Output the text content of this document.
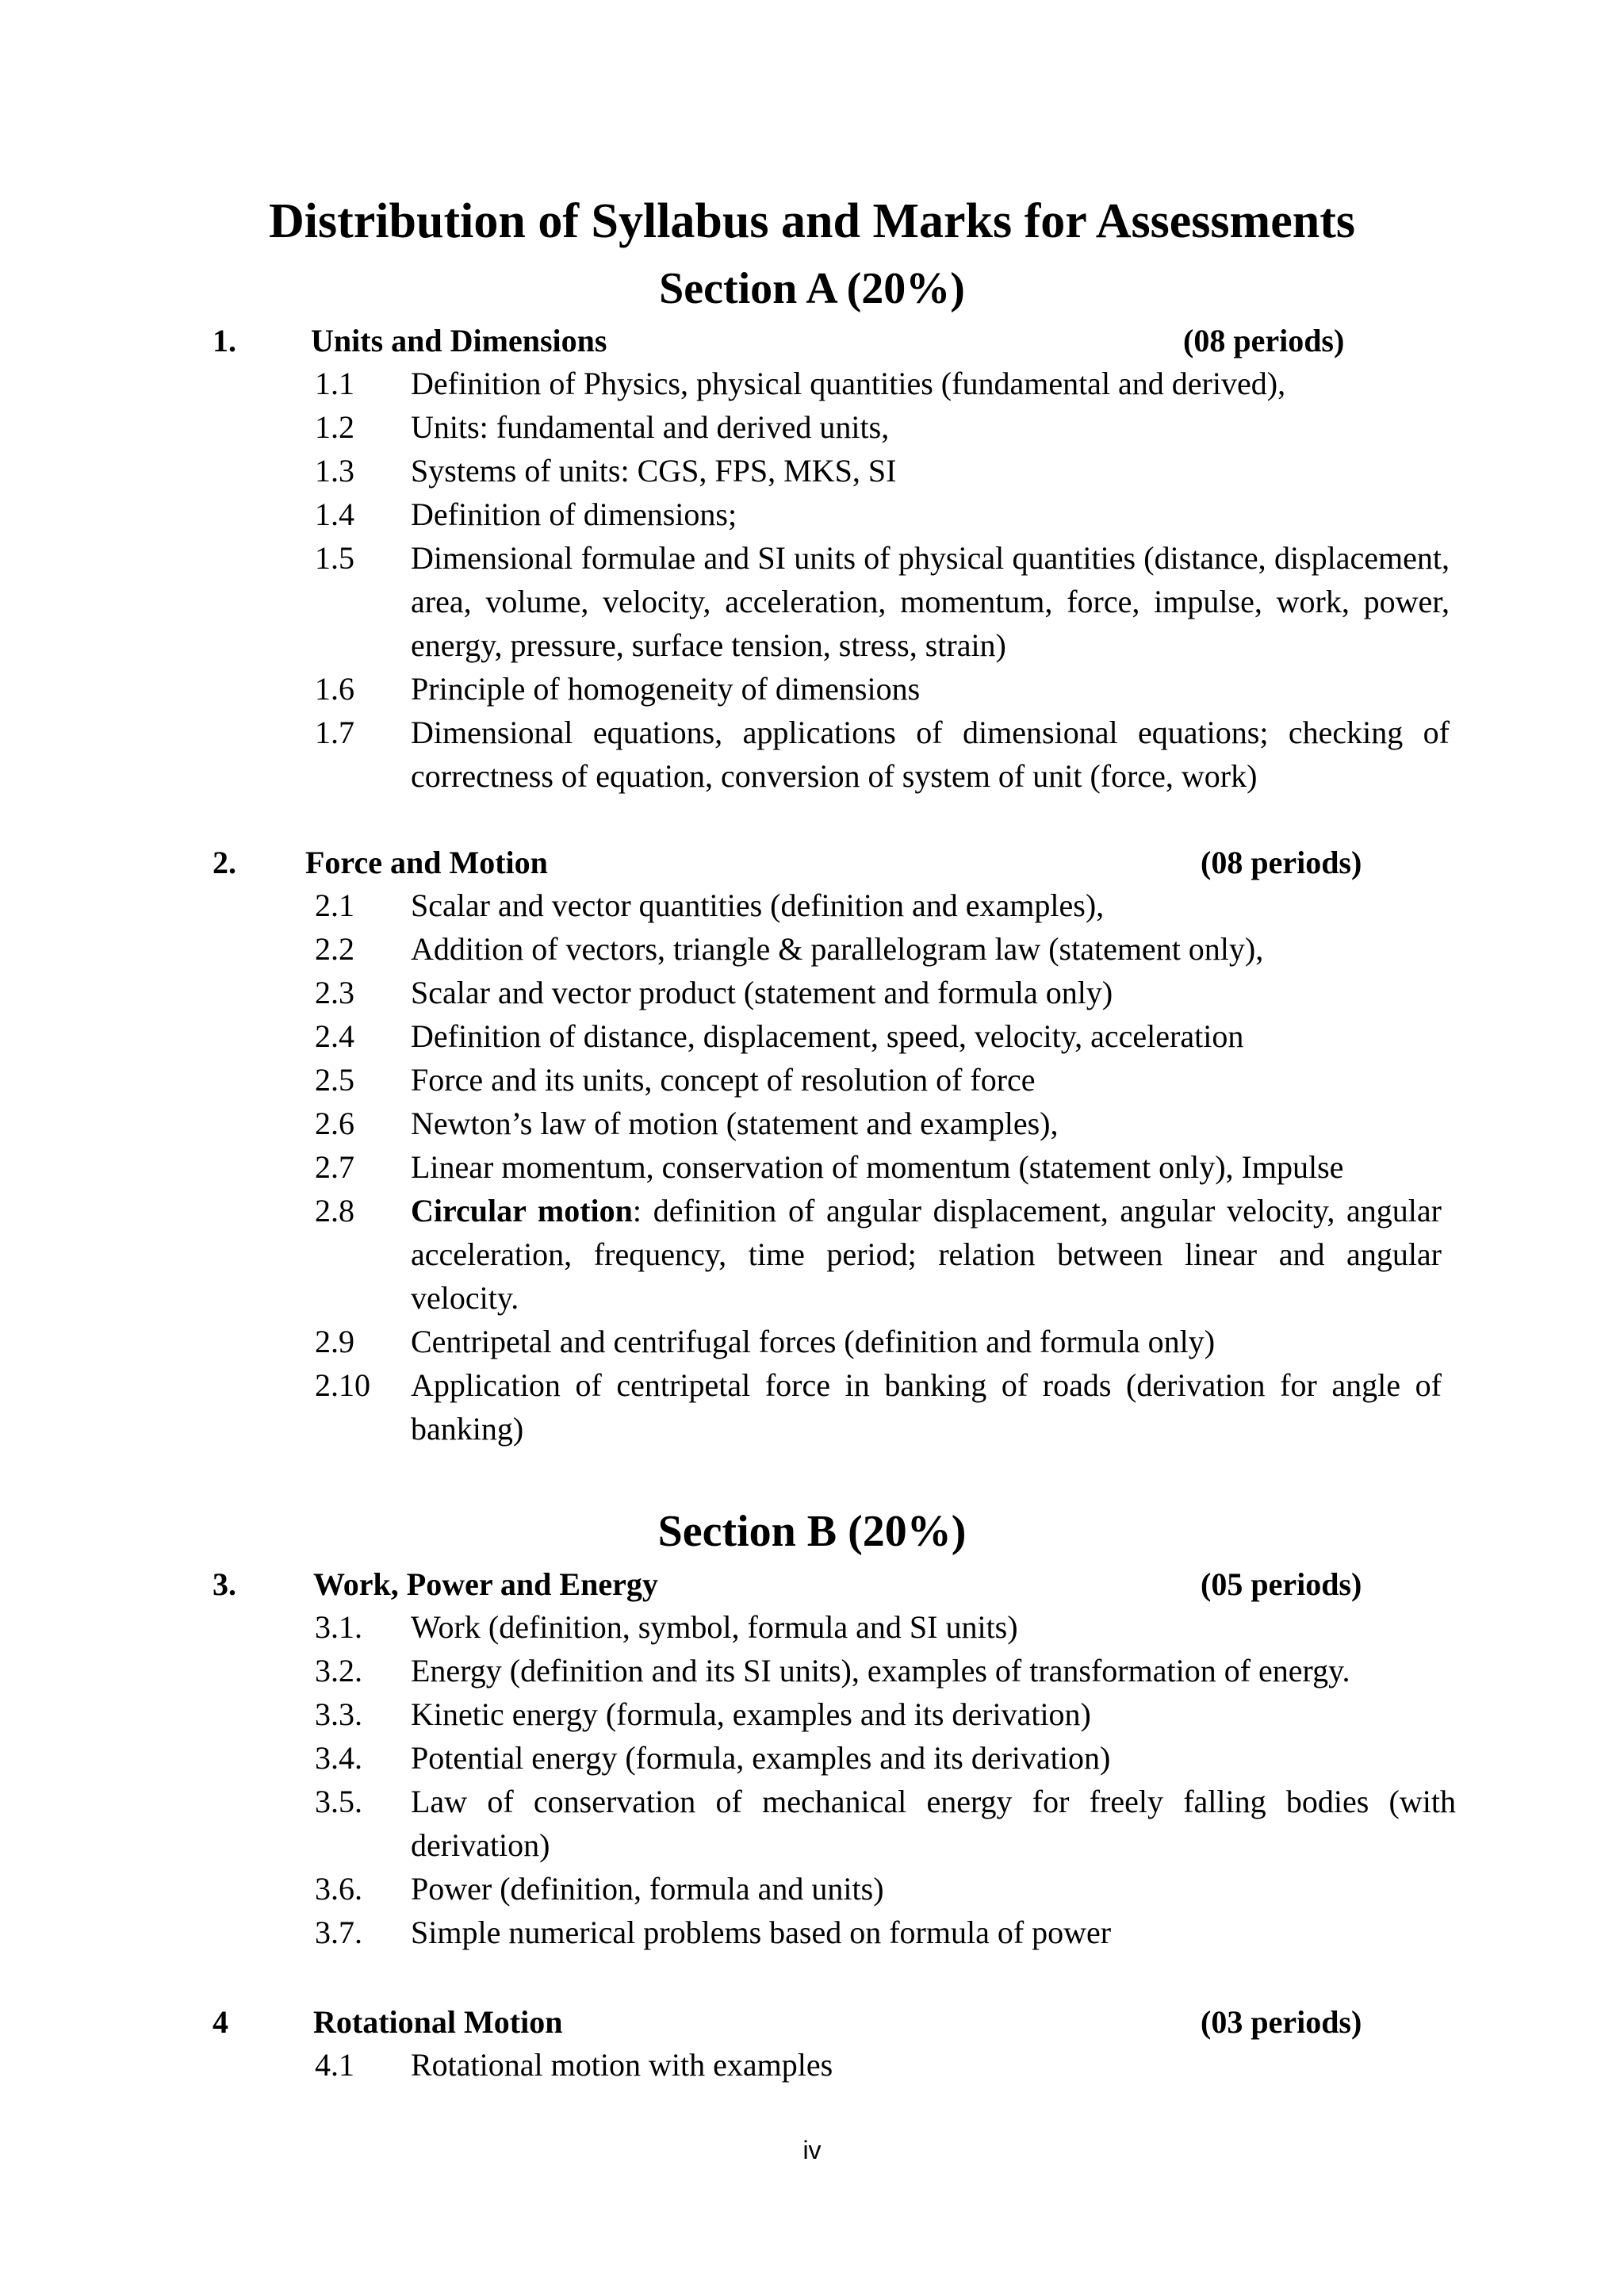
Distribution of Syllabus and Marks for Assessments
Section A (20%)
1. Units and Dimensions	(08 periods)
1.1 Definition of Physics, physical quantities (fundamental and derived),
1.2 Units: fundamental and derived units,
1.3 Systems of units: CGS, FPS, MKS, SI
1.4 Definition of dimensions;
1.5 Dimensional formulae and SI units of physical quantities (distance, displacement, area, volume, velocity, acceleration, momentum, force, impulse, work, power, energy, pressure, surface tension, stress, strain)
1.6 Principle of homogeneity of dimensions
1.7 Dimensional equations, applications of dimensional equations; checking of correctness of equation, conversion of system of unit (force, work)
2. Force and Motion	(08 periods)
2.1 Scalar and vector quantities (definition and examples),
2.2 Addition of vectors, triangle & parallelogram law (statement only),
2.3 Scalar and vector product (statement and formula only)
2.4 Definition of distance, displacement, speed, velocity, acceleration
2.5 Force and its units, concept of resolution of force
2.6 Newton’s law of motion (statement and examples),
2.7 Linear momentum, conservation of momentum (statement only), Impulse
2.8 Circular motion: definition of angular displacement, angular velocity, angular acceleration, frequency, time period; relation between linear and angular velocity.
2.9 Centripetal and centrifugal forces (definition and formula only)
2.10 Application of centripetal force in banking of roads (derivation for angle of banking)
Section B (20%)
3. Work, Power and Energy	(05 periods)
3.1. Work (definition, symbol, formula and SI units)
3.2. Energy (definition and its SI units), examples of transformation of energy.
3.3. Kinetic energy (formula, examples and its derivation)
3.4. Potential energy (formula, examples and its derivation)
3.5. Law of conservation of mechanical energy for freely falling bodies (with derivation)
3.6. Power (definition, formula and units)
3.7. Simple numerical problems based on formula of power
4	Rotational Motion	(03 periods)
4.1 Rotational motion with examples
iv
